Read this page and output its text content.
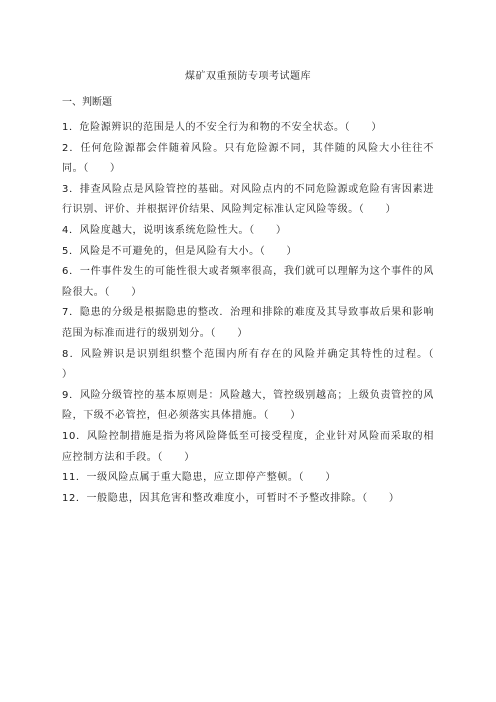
煤矿双重预防专项考试题库
一、判断题
1．危险源辨识的范围是人的不安全行为和物的不安全状态。（　　）
2．任何危险源都会伴随着风险。只有危险源不同，其伴随的风险大小往往不同。（　　）
3．排查风险点是风险管控的基础。对风险点内的不同危险源或危险有害因素进行识别、评价、并根据评价结果、风险判定标准认定风险等级。（　　）
4．风险度越大，说明该系统危险性大。（　　）
5．风险是不可避免的，但是风险有大小。（　　）
6．一件事件发生的可能性很大或者频率很高，我们就可以理解为这个事件的风险很大。（　　）
7．隐患的分级是根据隐患的整改．治理和排除的难度及其导致事故后果和影响范围为标准而进行的级别划分。（　　）
8．风险辨识是识别组织整个范围内所有存在的风险并确定其特性的过程。（　　）
9．风险分级管控的基本原则是：风险越大，管控级别越高；上级负责管控的风险，下级不必管控，但必须落实具体措施。（　　）
10．风险控制措施是指为将风险降低至可接受程度，企业针对风险而采取的相应控制方法和手段。（　　）
11．一级风险点属于重大隐患，应立即停产整顿。（　　）
12．一般隐患，因其危害和整改难度小，可暂时不予整改排除。（　　）
